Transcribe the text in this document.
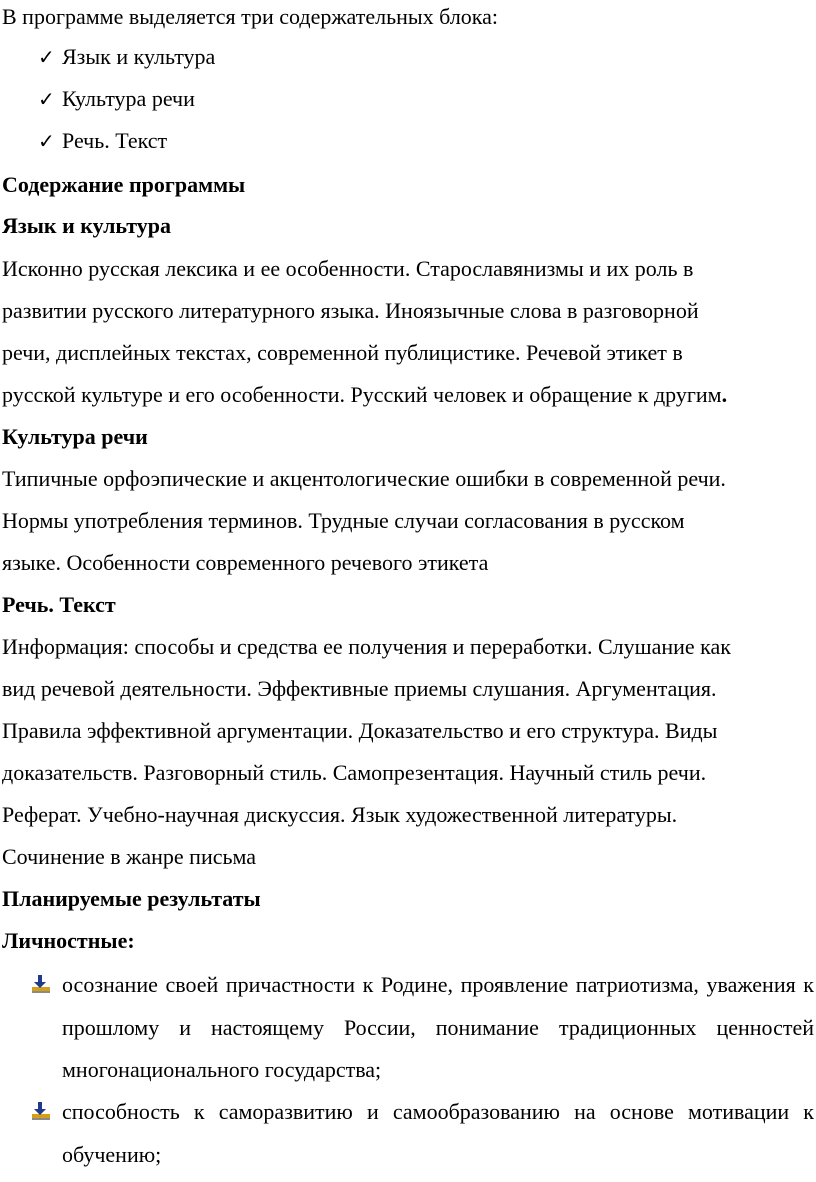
В программе выделяется три содержательных блока:
✓ Язык и культура
✓ Культура речи
✓ Речь. Текст
Содержание программы
Язык и культура
Исконно русская лексика и ее особенности. Старославянизмы и их роль в
развитии русского литературного языка. Иноязычные слова в разговорной
речи, дисплейных текстах, современной публицистике. Речевой этикет в
русской культуре и его особенности. Русский человек и обращение к другим.
Культура речи
Типичные орфоэпические и акцентологические ошибки в современной речи.
Нормы употребления терминов. Трудные случаи согласования в русском
языке. Особенности современного речевого этикета
Речь. Текст
Информация: способы и средства ее получения и переработки. Слушание как
вид речевой деятельности. Эффективные приемы слушания. Аргументация.
Правила эффективной аргументации. Доказательство и его структура. Виды
доказательств. Разговорный стиль. Самопрезентация. Научный стиль речи.
Реферат. Учебно-научная дискуссия. Язык художественной литературы.
Сочинение в жанре письма
Планируемые результаты
Личностные:
осознание своей причастности к Родине, проявление патриотизма, уважения к прошлому и настоящему России, понимание традиционных ценностей многонационального государства;
способность к саморазвитию и самообразованию на основе мотивации к обучению;
